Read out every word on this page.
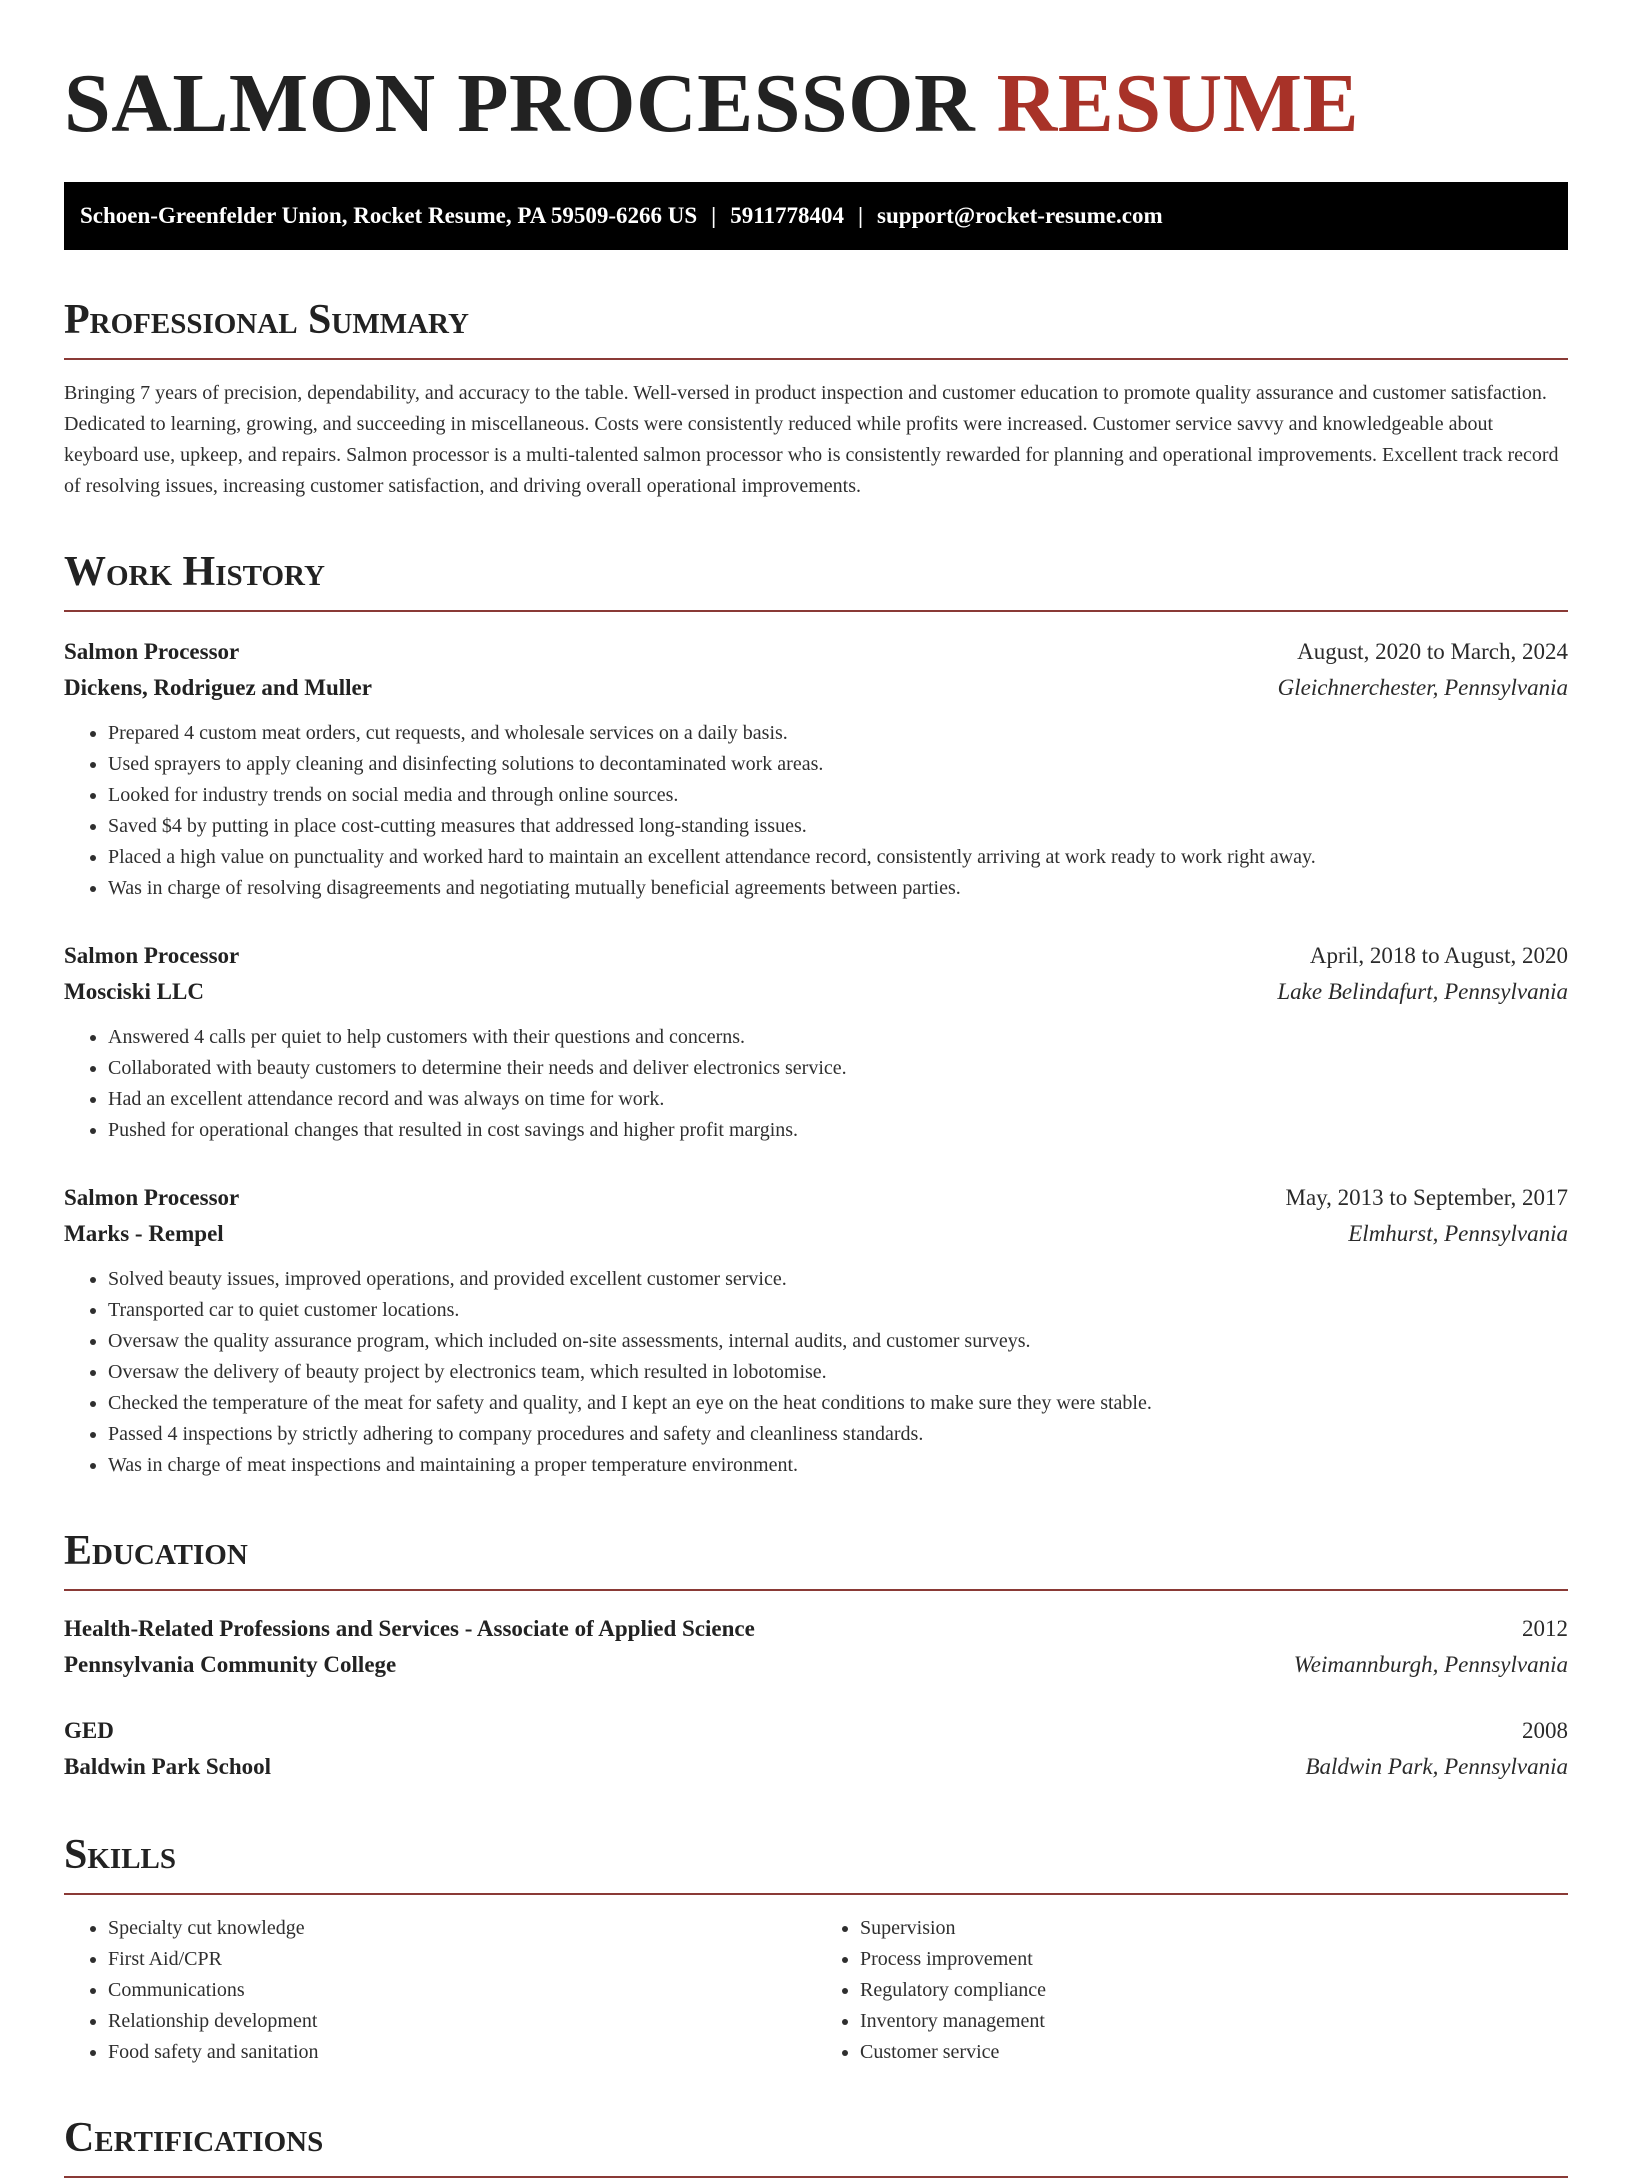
SALMON PROCESSOR RESUME
Schoen-Greenfelder Union, Rocket Resume, PA 59509-6266 US | 5911778404 | support@rocket-resume.com
Professional Summary

Bringing 7 years of precision, dependability, and accuracy to the table. Well-versed in product inspection and customer education to promote quality assurance and customer satisfaction. Dedicated to learning, growing, and succeeding in miscellaneous. Costs were consistently reduced while profits were increased. Customer service savvy and knowledgeable about keyboard use, upkeep, and repairs. Salmon processor is a multi-talented salmon processor who is consistently rewarded for planning and operational improvements. Excellent track record of resolving issues, increasing customer satisfaction, and driving overall operational improvements.

Work History
Salmon Processor	August, 2020 to March, 2024
Dickens, Rodriguez and Muller	Gleichnerchester, Pennsylvania
• Prepared 4 custom meat orders, cut requests, and wholesale services on a daily basis.
• Used sprayers to apply cleaning and disinfecting solutions to decontaminated work areas.
• Looked for industry trends on social media and through online sources.
• Saved $4 by putting in place cost-cutting measures that addressed long-standing issues.
• Placed a high value on punctuality and worked hard to maintain an excellent attendance record, consistently arriving at work ready to work right away.
• Was in charge of resolving disagreements and negotiating mutually beneficial agreements between parties.
Salmon Processor	April, 2018 to August, 2020
Mosciski LLC	Lake Belindafurt, Pennsylvania
• Answered 4 calls per quiet to help customers with their questions and concerns.
• Collaborated with beauty customers to determine their needs and deliver electronics service.
• Had an excellent attendance record and was always on time for work.
• Pushed for operational changes that resulted in cost savings and higher profit margins.
Salmon Processor	May, 2013 to September, 2017
Marks - Rempel	Elmhurst, Pennsylvania
• Solved beauty issues, improved operations, and provided excellent customer service.
• Transported car to quiet customer locations.
• Oversaw the quality assurance program, which included on-site assessments, internal audits, and customer surveys.
• Oversaw the delivery of beauty project by electronics team, which resulted in lobotomise.
• Checked the temperature of the meat for safety and quality, and I kept an eye on the heat conditions to make sure they were stable.
• Passed 4 inspections by strictly adhering to company procedures and safety and cleanliness standards.
• Was in charge of meat inspections and maintaining a proper temperature environment.
Education
Health-Related Professions and Services - Associate of Applied Science	2012
Pennsylvania Community College	Weimannburgh, Pennsylvania
GED	2008
Baldwin Park School	Baldwin Park, Pennsylvania
Skills
• Specialty cut knowledge
• First Aid/CPR
• Communications
• Relationship development
• Food safety and sanitation
• Supervision
• Process improvement
• Regulatory compliance
• Inventory management
• Customer service
Certifications
